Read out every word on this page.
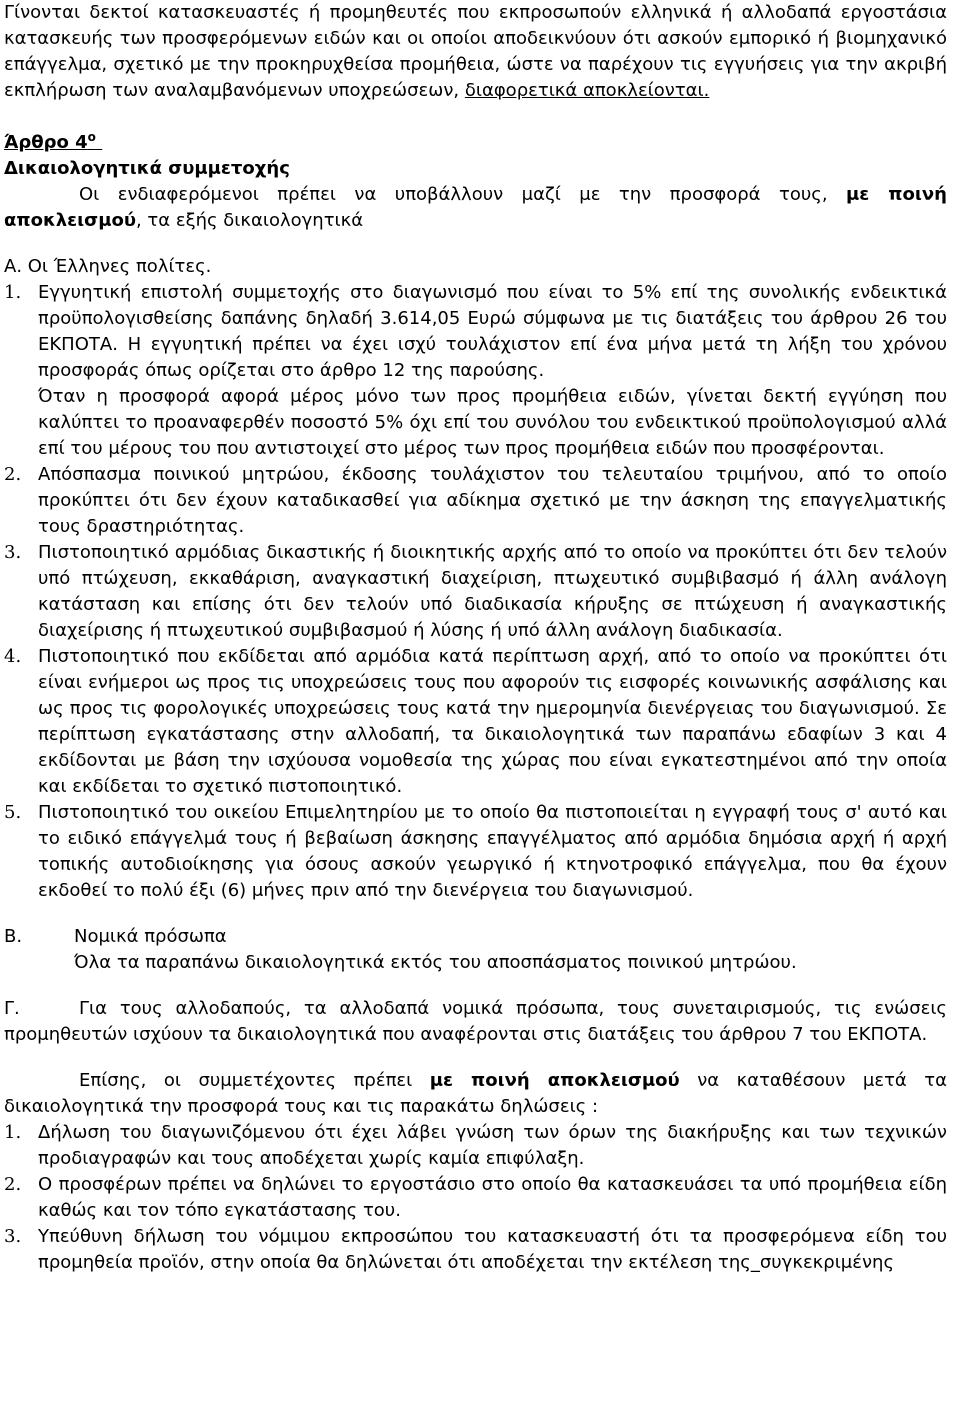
Γίνονται δεκτοί κατασκευαστές ή προμηθευτές που εκπροσωπούν ελληνικά ή αλλοδαπά εργοστάσια κατασκευής των προσφερόμενων ειδών και οι οποίοι αποδεικνύουν ότι ασκούν εμπορικό ή βιομηχανικό επάγγελμα, σχετικό με την προκηρυχθείσα προμήθεια, ώστε να παρέχουν τις εγγυήσεις για την ακριβή εκπλήρωση των αναλαμβανόμενων υποχρεώσεων, διαφορετικά αποκλείονται.

Άρθρο $4^o$

Δικαιολογητικά συμμετοχής

Οι ενδιαφερόμενοι πρέπει να υποβάλλουν μαζί με την προσφορά τους, με ποινή αποκλεισμού, τα εξής δικαιολογητικά

Α. Οι Έλληνες πολίτες.

1. Εγγυητική επιστολή συμμετοχής στο διαγωνισμό που είναι το 5% επί της συνολικής ενδεικτικά προϋπολογισθείσης δαπάνης δηλαδή 3.614,05 Ευρώ σύμφωνα με τις διατάξεις του άρθρου 26 του ΕΚΠΟΤΑ. Η εγγυητική πρέπει να έχει ισχύ τουλάχιστον επί ένα μήνα μετά τη λήξη του χρόνου προσφοράς όπως ορίζεται στο άρθρο 12 της παρούσης.

Όταν η προσφορά αφορά μέρος μόνο των προς προμήθεια ειδών, γίνεται δεκτή εγγύηση που καλύπτει το προαναφερθέν ποσοστό 5% όχι επί του συνόλου του ενδεικτικού προϋπολογισμού αλλά επί του μέρους του που αντιστοιχεί στο μέρος των προς προμήθεια ειδών που προσφέρονται.

2. Απόσπασμα ποινικού μητρώου, έκδοσης τουλάχιστον του τελευταίου τριμήνου, από το οποίο προκύπτει ότι δεν έχουν καταδικασθεί για αδίκημα σχετικό με την άσκηση της επαγγελματικής τους δραστηριότητας.

3. Πιστοποιητικό αρμόδιας δικαστικής ή διοικητικής αρχής από το οποίο να προκύπτει ότι δεν τελούν υπό πτώχευση, εκκαθάριση, αναγκαστική διαχείριση, πτωχευτικό συμβιβασμό ή άλλη ανάλογη κατάσταση και επίσης ότι δεν τελούν υπό διαδικασία κήρυξης σε πτώχευση ή αναγκαστικής διαχείρισης ή πτωχευτικού συμβιβασμού ή λύσης ή υπό άλλη ανάλογη διαδικασία.

4. Πιστοποιητικό που εκδίδεται από αρμόδια κατά περίπτωση αρχή, από το οποίο να προκύπτει ότι είναι ενήμεροι ως προς τις υποχρεώσεις τους που αφορούν τις εισφορές κοινωνικής ασφάλισης και ως προς τις φορολογικές υποχρεώσεις τους κατά την ημερομηνία διενέργειας του διαγωνισμού. Σε περίπτωση εγκατάστασης στην αλλοδαπή, τα δικαιολογητικά των παραπάνω εδαφίων 3 και 4 εκδίδονται με βάση την ισχύουσα νομοθεσία της χώρας που είναι εγκατεστημένοι από την οποία και εκδίδεται το σχετικό πιστοποιητικό.

5. Πιστοποιητικό του οικείου Επιμελητηρίου με το οποίο θα πιστοποιείται η εγγραφή τους σ' αυτό και το ειδικό επάγγελμά τους ή βεβαίωση άσκησης επαγγέλματος από αρμόδια δημόσια αρχή ή αρχή τοπικής αυτοδιοίκησης για όσους ασκούν γεωργικό ή κτηνοτροφικό επάγγελμα, που θα έχουν εκδοθεί το πολύ έξι (6) μήνες πριν από την διενέργεια του διαγωνισμού.

Β.	Νομικά πρόσωπα

Όλα τα παραπάνω δικαιολογητικά εκτός του αποσπάσματος ποινικού μητρώου.

Γ.	Για τους αλλοδαπούς, τα αλλοδαπά νομικά πρόσωπα, τους συνεταιρισμούς, τις ενώσεις προμηθευτών ισχύουν τα δικαιολογητικά που αναφέρονται στις διατάξεις του άρθρου 7 του ΕΚΠΟΤΑ.

Επίσης, οι συμμετέχοντες πρέπει με ποινή αποκλεισμού να καταθέσουν μετά τα δικαιολογητικά την προσφορά τους και τις παρακάτω δηλώσεις :

1. Δήλωση του διαγωνιζόμενου ότι έχει λάβει γνώση των όρων της διακήρυξης και των τεχνικών προδιαγραφών και τους αποδέχεται χωρίς καμία επιφύλαξη.

2. Ο προσφέρων πρέπει να δηλώνει το εργοστάσιο στο οποίο θα κατασκευάσει τα υπό προμήθεια είδη καθώς και τον τόπο εγκατάστασης του.

3. Υπεύθυνη δήλωση του νόμιμου εκπροσώπου του κατασκευαστή ότι τα προσφερόμενα είδη του προμηθεία προϊόν, στην οποία θα δηλώνεται ότι αποδέχεται την εκτέλεση της_συγκεκριμένης
